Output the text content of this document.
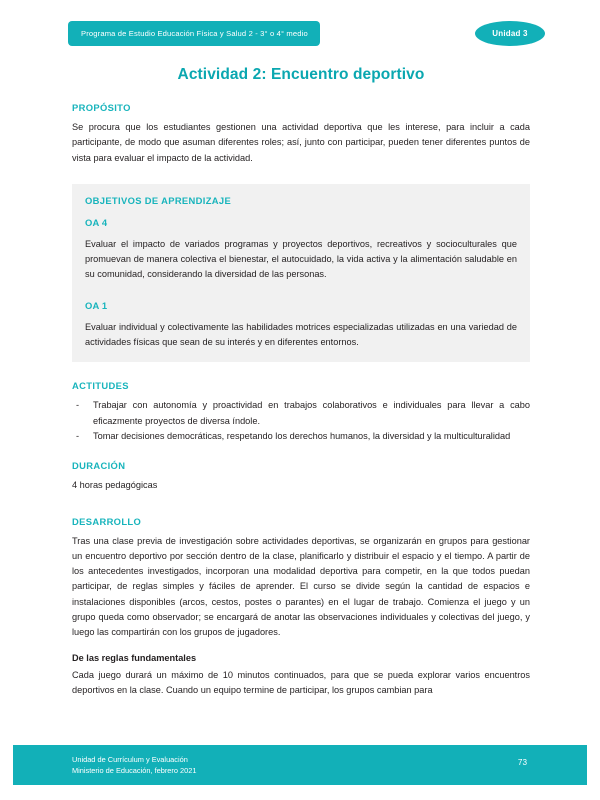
Programa de Estudio Educación Física y Salud 2 - 3° o 4° medio	Unidad 3
Actividad 2: Encuentro deportivo
PROPÓSITO

Se procura que los estudiantes gestionen una actividad deportiva que les interese, para incluir a cada participante, de modo que asuman diferentes roles; así, junto con participar, pueden tener diferentes puntos de vista para evaluar el impacto de la actividad.

OBJETIVOS DE APRENDIZAJE
OA 4

Evaluar el impacto de variados programas y proyectos deportivos, recreativos y socioculturales que promuevan de manera colectiva el bienestar, el autocuidado, la vida activa y la alimentación saludable en su comunidad, considerando la diversidad de las personas.

OA 1

Evaluar individual y colectivamente las habilidades motrices especializadas utilizadas en una variedad de actividades físicas que sean de su interés y en diferentes entornos.

ACTITUDES
- Trabajar con autonomía y proactividad en trabajos colaborativos e individuales para llevar a cabo eficazmente proyectos de diversa índole.
- Tomar decisiones democráticas, respetando los derechos humanos, la diversidad y la multiculturalidad
DURACIÓN

4 horas pedagógicas

DESARROLLO

Tras una clase previa de investigación sobre actividades deportivas, se organizarán en grupos para gestionar un encuentro deportivo por sección dentro de la clase, planificarlo y distribuir el espacio y el tiempo. A partir de los antecedentes investigados, incorporan una modalidad deportiva para competir, en la que todos puedan participar, de reglas simples y fáciles de aprender. El curso se divide según la cantidad de espacios e instalaciones disponibles (arcos, cestos, postes o parantes) en el lugar de trabajo. Comienza el juego y un grupo queda como observador; se encargará de anotar las observaciones individuales y colectivas del juego, y luego las compartirán con los grupos de jugadores.

De las reglas fundamentales

Cada juego durará un máximo de 10 minutos continuados, para que se pueda explorar varios encuentros deportivos en la clase. Cuando un equipo termine de participar, los grupos cambian para

Unidad de Currículum y Evaluación
Ministerio de Educación, febrero 2021
73
